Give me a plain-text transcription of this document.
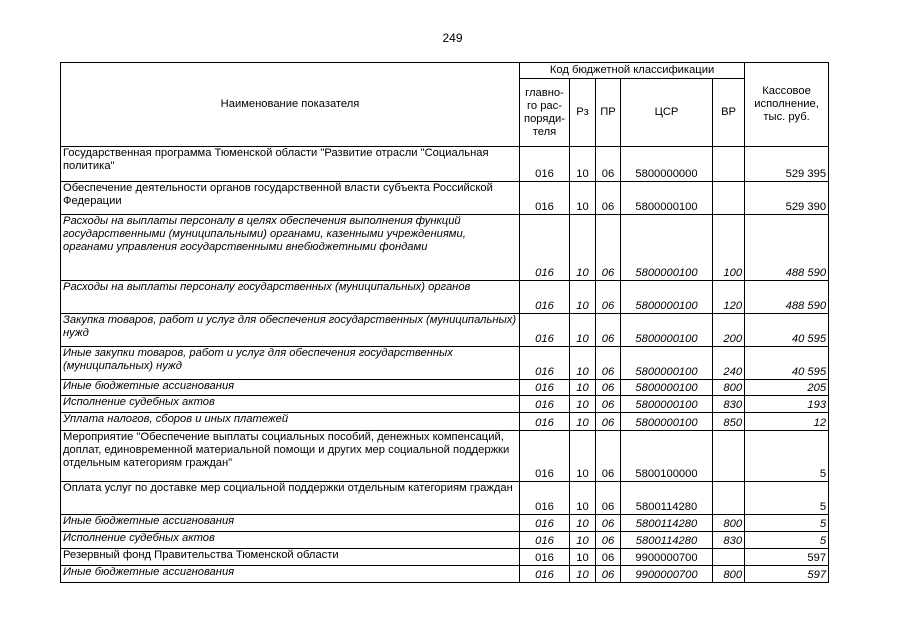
249
Наименование показателя	Код бюджетной классификации					Кассовое исполнение, тыс. руб.
	главно-го рас-поряди-теля	Рз	ПР	ЦСР	ВР	
Государственная программа Тюменской области "Развитие отрасли "Социальная политика"	016	10	06	5800000000		529 395
Обеспечение деятельности органов государственной власти субъекта Российской Федерации	016	10	06	5800000100		529 390
Расходы на выплаты персоналу в целях обеспечения выполнения функций государственными (муниципальными) органами, казенными учреждениями, органами управления государственными внебюджетными фондами	016	10	06	5800000100	100	488 590
Расходы на выплаты персоналу государственных (муниципальных) органов	016	10	06	5800000100	120	488 590
Закупка товаров, работ и услуг для обеспечения государственных (муниципальных) нужд	016	10	06	5800000100	200	40 595
Иные закупки товаров, работ и услуг для обеспечения государственных (муниципальных) нужд	016	10	06	5800000100	240	40 595
Иные бюджетные ассигнования	016	10	06	5800000100	800	205
Исполнение судебных актов	016	10	06	5800000100	830	193
Уплата налогов, сборов и иных платежей	016	10	06	5800000100	850	12
Мероприятие "Обеспечение выплаты социальных пособий, денежных компенсаций, доплат, единовременной материальной помощи и других мер социальной поддержки отдельным категориям граждан"	016	10	06	5800100000		5
Оплата услуг по доставке мер социальной поддержки отдельным категориям граждан	016	10	06	5800114280		5
Иные бюджетные ассигнования	016	10	06	5800114280	800	5
Исполнение судебных актов	016	10	06	5800114280	830	5
Резервный фонд Правительства Тюменской области	016	10	06	9900000700		597
Иные бюджетные ассигнования	016	10	06	9900000700	800	597
